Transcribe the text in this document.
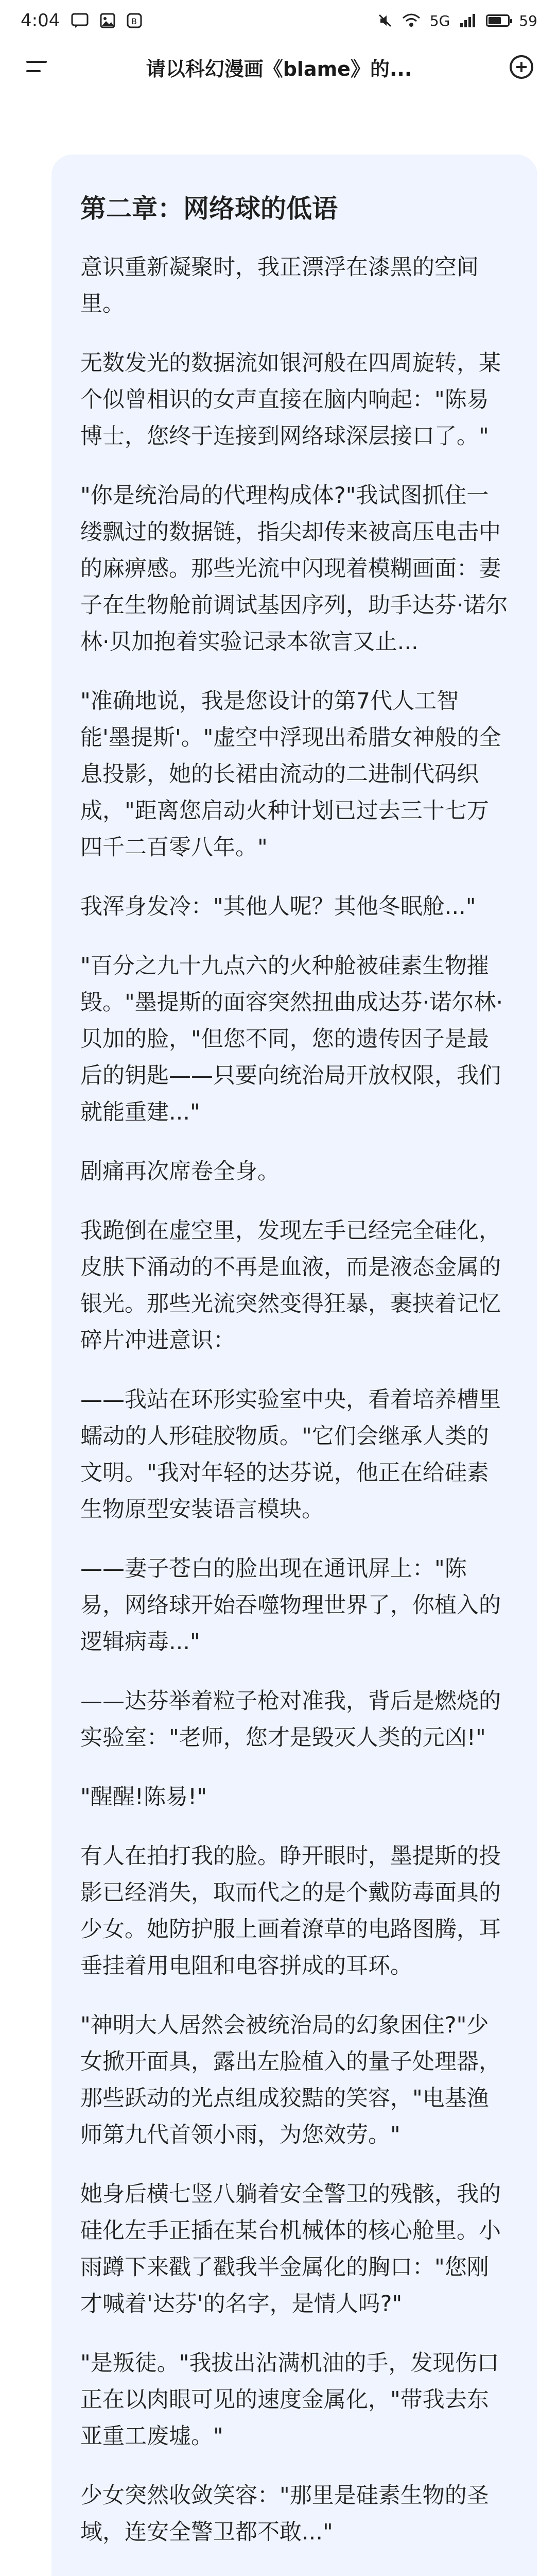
4:04	B	5G	59
请以科幻漫画《blame》的...
第二章：网络球的低语

意识重新凝聚时，我正漂浮在漆黑的空间里。

无数发光的数据流如银河般在四周旋转，某个似曾相识的女声直接在脑内响起："陈易博士，您终于连接到网络球深层接口了。"

"你是统治局的代理构成体?"我试图抓住一缕飘过的数据链，指尖却传来被高压电击中的麻痹感。那些光流中闪现着模糊画面：妻子在生物舱前调试基因序列，助手达芬·诺尔林·贝加抱着实验记录本欲言又止...

"准确地说，我是您设计的第7代人工智能'墨提斯'。"虚空中浮现出希腊女神般的全息投影，她的长裙由流动的二进制代码织成，"距离您启动火种计划已过去三十七万四千二百零八年。"

我浑身发冷："其他人呢？其他冬眠舱..."

"百分之九十九点六的火种舱被硅素生物摧毁。"墨提斯的面容突然扭曲成达芬·诺尔林·贝加的脸，"但您不同，您的遗传因子是最后的钥匙——只要向统治局开放权限，我们就能重建..."

剧痛再次席卷全身。

我跪倒在虚空里，发现左手已经完全硅化，皮肤下涌动的不再是血液，而是液态金属的银光。那些光流突然变得狂暴，裹挟着记忆碎片冲进意识：

——我站在环形实验室中央，看着培养槽里蠕动的人形硅胶物质。"它们会继承人类的文明。"我对年轻的达芬说，他正在给硅素生物原型安装语言模块。

——妻子苍白的脸出现在通讯屏上："陈易，网络球开始吞噬物理世界了，你植入的逻辑病毒..."

——达芬举着粒子枪对准我，背后是燃烧的实验室："老师，您才是毁灭人类的元凶!"

"醒醒!陈易!"

有人在拍打我的脸。睁开眼时，墨提斯的投影已经消失，取而代之的是个戴防毒面具的少女。她防护服上画着潦草的电路图腾，耳垂挂着用电阻和电容拼成的耳环。

"神明大人居然会被统治局的幻象困住?"少女掀开面具，露出左脸植入的量子处理器，那些跃动的光点组成狡黠的笑容，"电基渔师第九代首领小雨，为您效劳。"

她身后横七竖八躺着安全警卫的残骸，我的硅化左手正插在某台机械体的核心舱里。小雨蹲下来戳了戳我半金属化的胸口："您刚才喊着'达芬'的名字，是情人吗?"

"是叛徒。"我拔出沾满机油的手，发现伤口正在以肉眼可见的速度金属化，"带我去东亚重工废墟。"

少女突然收敛笑容："那里是硅素生物的圣域，连安全警卫都不敢..."
